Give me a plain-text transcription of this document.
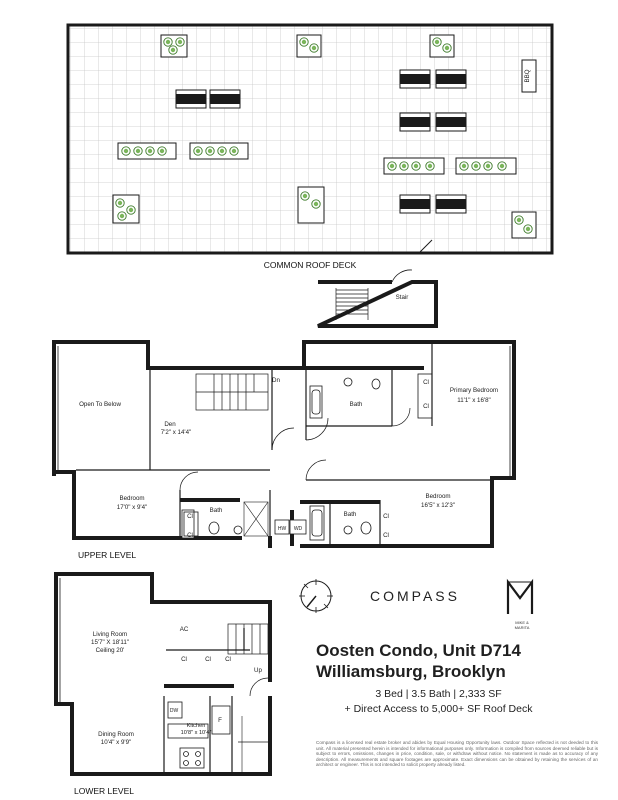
BBQ
COMMON ROOF DECK
Stair
Open To Below
Den
7'2" x 14'4"
Dn
Bath
Cl
Cl
Primary Bedroom
11'1" x 16'8"
Bedroom
17'0" x 9'4"
Cl
Cl
Bath
HW WD
Bath	Cl
Cl
Bedroom
16'5" x 12'3"
UPPER LEVEL
Living Room
15'7" X 18'11"
Ceiling 20'
AC
Cl	Cl Cl
Up
Dining Room
10'4" x 9'9"
DW
Kitchen
10'8" x 10'4"
F
LOWER LEVEL
COMPASS
MIKE &
MARITA

Oosten Condo, Unit D714

Williamsburg, Brooklyn

3 Bed | 3.5 Bath | 2,333 SF
+ Direct Access to 5,000+ SF Roof Deck
Compass is a licensed real estate broker and abides by Equal Housing Opportunity laws. Outdoor Space reflected is not deeded to this unit. All material presented herein is intended for informational purposes only. Information is compiled from sources deemed reliable but is subject to errors, omissions, changes in price, condition, sale, or withdraw without notice. No statement is made as to accuracy of any description. All measurements and square footages are approximate. Exact dimensions can be obtained by retaining the services of an architect or engineer. This is not intended to solicit property already listed.
